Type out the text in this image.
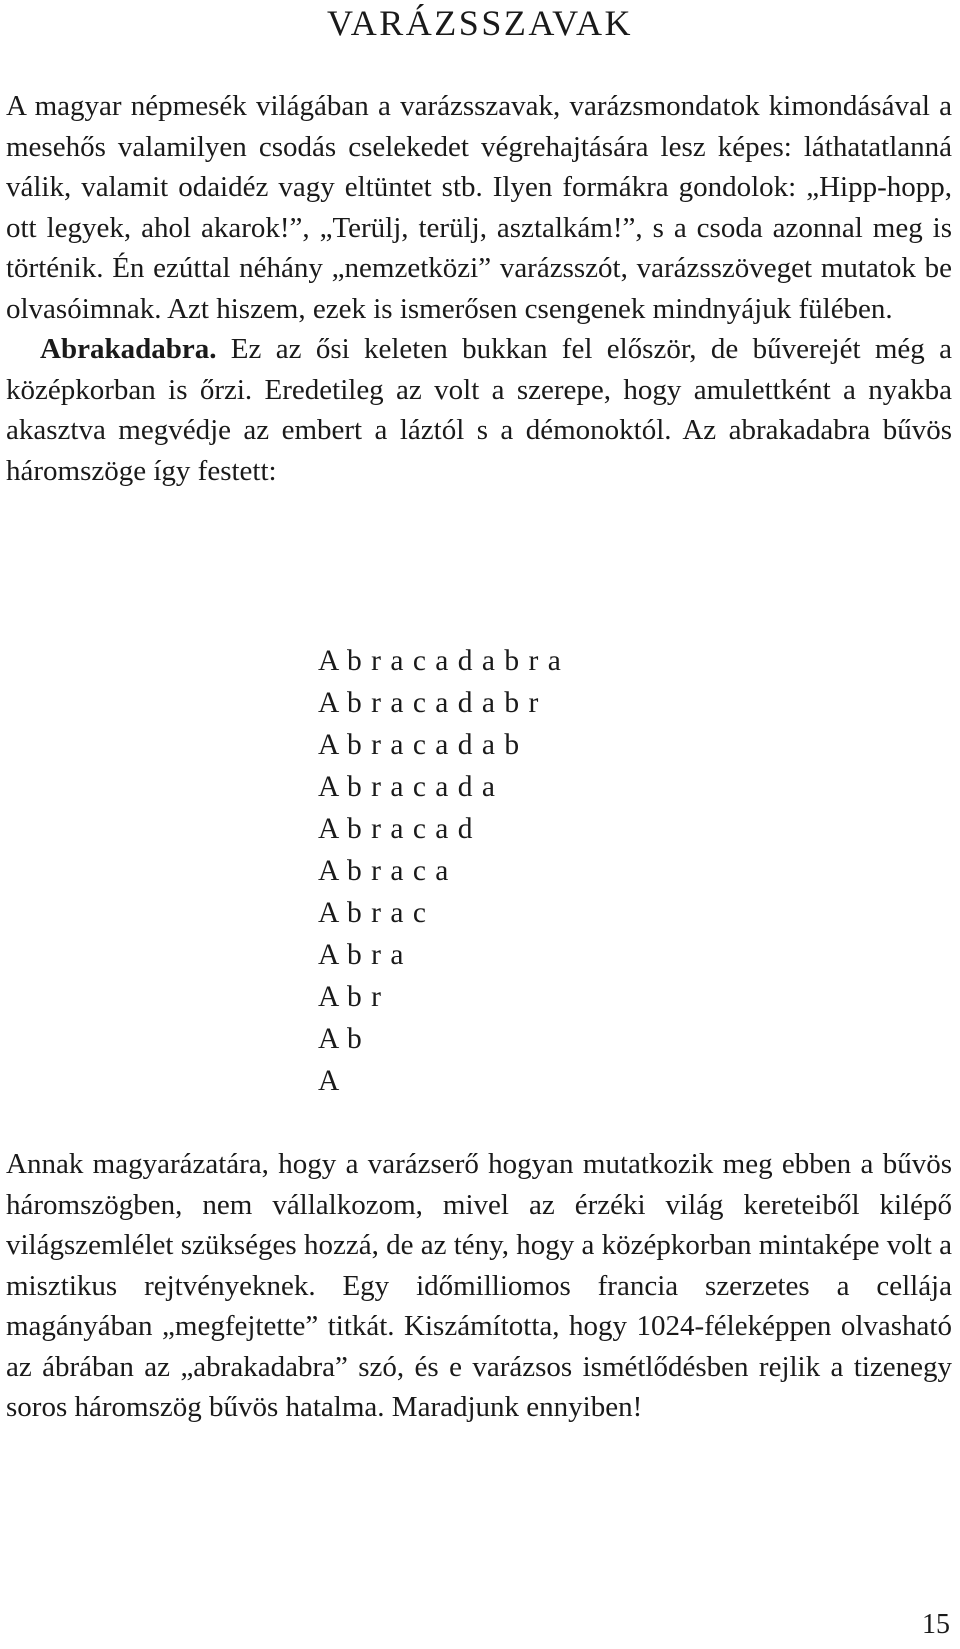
VARÁZSSZAVAK

A magyar népmesék világában a varázsszavak, varázsmondatok kimondásával a mesehős valamilyen csodás cselekedet végrehajtására lesz képes: láthatatlanná válik, valamit odaidéz vagy eltüntet stb. Ilyen formákra gondolok: „Hipp-hopp, ott legyek, ahol akarok!”, „Terülj, terülj, asztalkám!”, s a csoda azonnal meg is történik. Én ezúttal néhány „nemzetközi” varázsszót, varázsszöveget mutatok be olvasóimnak. Azt hiszem, ezek is ismerősen csengenek mindnyájuk fülében.
Abrakadabra. Ez az ősi keleten bukkan fel először, de bűverejét még a középkorban is őrzi. Eredetileg az volt a szerepe, hogy amulettként a nyakba akasztva megvédje az embert a láztól s a démonoktól. Az abrakadabra bűvös háromszöge így festett:

A b r a c a d a b r a
A b r a c a d a b r
A b r a c a d a b
A b r a c a d a
A b r a c a d
A b r a c a
A b r a c
A b r a
A b r
A b
A

Annak magyarázatára, hogy a varázserő hogyan mutatkozik meg ebben a bűvös háromszögben, nem vállalkozom, mivel az érzéki világ kereteiből kilépő világszemlélet szükséges hozzá, de az tény, hogy a középkorban mintaképe volt a misztikus rejtvényeknek. Egy időmilliomos francia szerzetes a cellája magányában „megfejtette” titkát. Kiszámította, hogy 1024-féleképpen olvasható az ábrában az „abrakadabra” szó, és e varázsos ismétlődésben rejlik a tizenegy soros háromszög bűvös hatalma. Maradjunk ennyiben!

15
